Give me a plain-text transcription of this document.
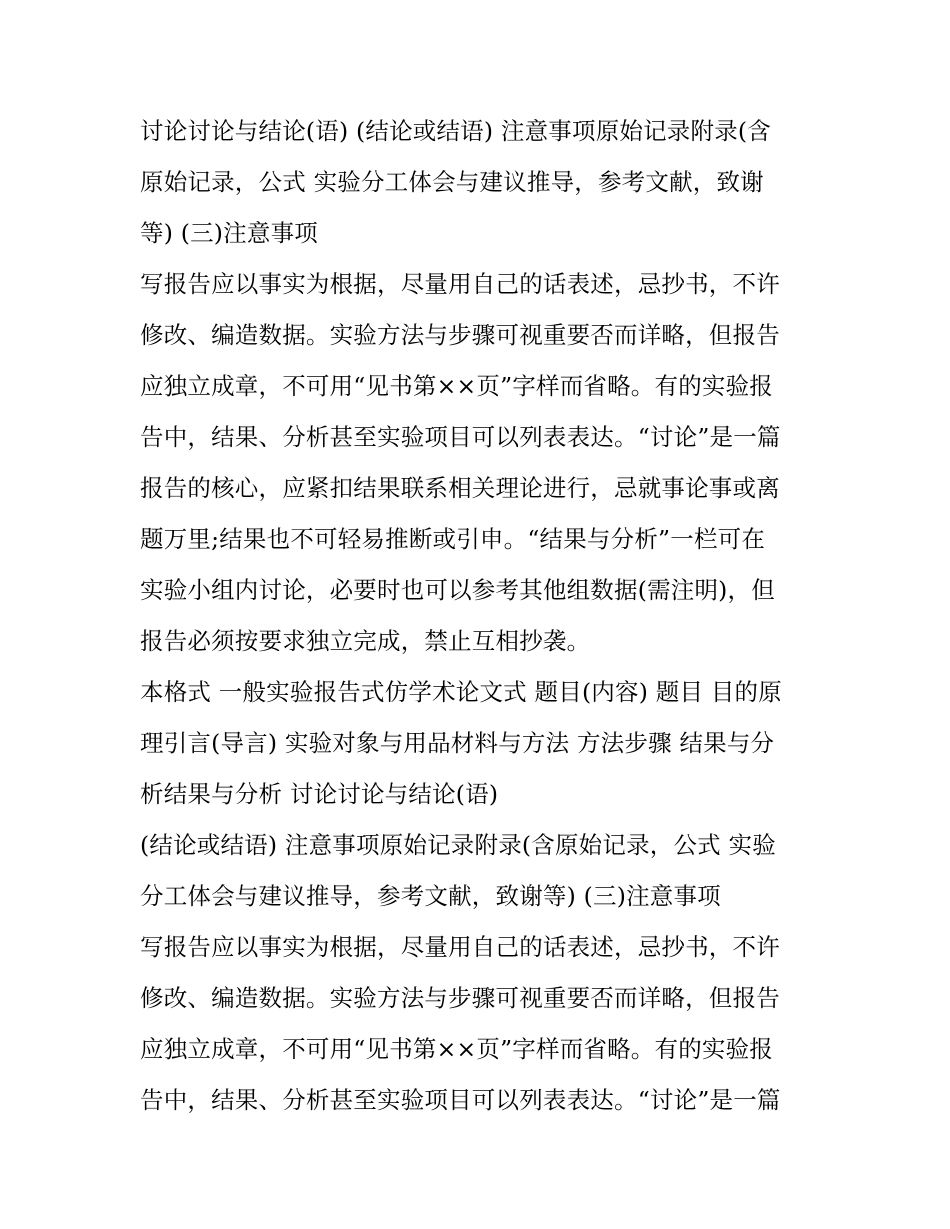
讨论讨论与结论(语) (结论或结语) 注意事项原始记录附录(含
原始记录，公式 实验分工体会与建议推导，参考文献，致谢
等) (三)注意事项

写报告应以事实为根据，尽量用自己的话表述，忌抄书，不许
修改、编造数据。实验方法与步骤可视重要否而详略，但报告
应独立成章，不可用“见书第××页”字样而省略。有的实验报
告中，结果、分析甚至实验项目可以列表表达。“讨论”是一篇
报告的核心，应紧扣结果联系相关理论进行，忌就事论事或离
题万里;结果也不可轻易推断或引申。“结果与分析”一栏可在
实验小组内讨论，必要时也可以参考其他组数据(需注明)，但
报告必须按要求独立完成，禁止互相抄袭。

本格式 一般实验报告式仿学术论文式 题目(内容) 题目 目的原
理引言(导言) 实验对象与用品材料与方法 方法步骤 结果与分
析结果与分析 讨论讨论与结论(语)

(结论或结语) 注意事项原始记录附录(含原始记录，公式 实验
分工体会与建议推导，参考文献，致谢等) (三)注意事项

写报告应以事实为根据，尽量用自己的话表述，忌抄书，不许
修改、编造数据。实验方法与步骤可视重要否而详略，但报告
应独立成章，不可用“见书第××页”字样而省略。有的实验报
告中，结果、分析甚至实验项目可以列表表达。“讨论”是一篇
